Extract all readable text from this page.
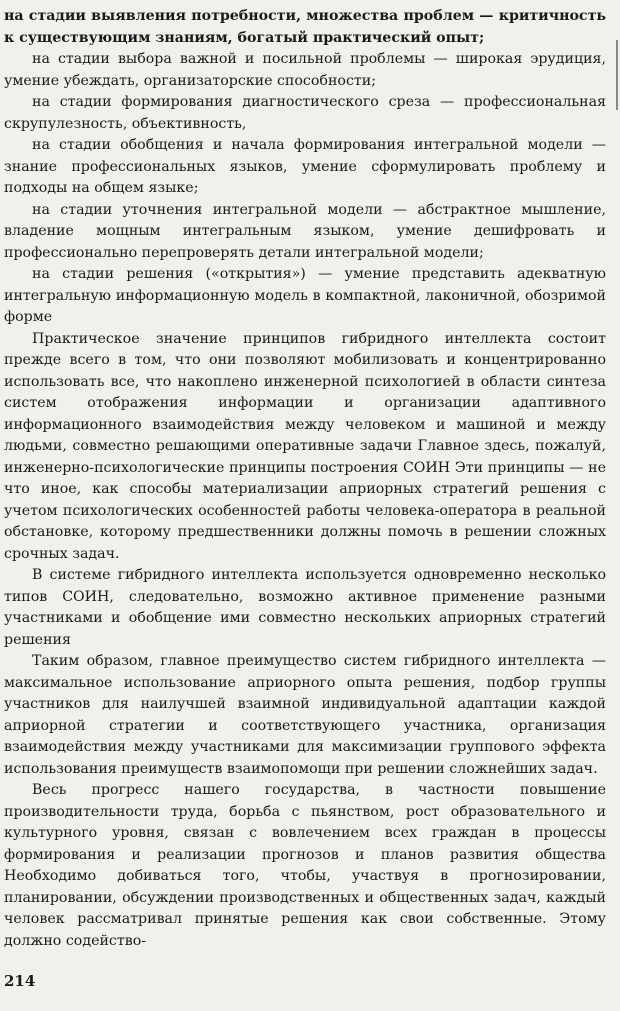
на стадии выявления потребности, множества проблем — критичность к существующим знаниям, богатый практический опыт;

на стадии выбора важной и посильной проблемы — широкая эрудиция, умение убеждать, организаторские способности;

на стадии формирования диагностического среза — профессиональная скрупулезность, объективность,

на стадии обобщения и начала формирования интегральной модели — знание профессиональных языков, умение сформулировать проблему и подходы на общем языке;

на стадии уточнения интегральной модели — абстрактное мышление, владение мощным интегральным языком, умение дешифровать и профессионально перепроверять детали интегральной модели;

на стадии решения («открытия») — умение представить адекватную интегральную информационную модель в компактной, лаконичной, обозримой форме

Практическое значение принципов гибридного интеллекта состоит прежде всего в том, что они позволяют мобилизовать и концентрированно использовать все, что накоплено инженерной психологией в области синтеза систем отображения информации и организации адаптивного информационного взаимодействия между человеком и машиной и между людьми, совместно решающими оперативные задачи Главное здесь, пожалуй, инженерно-психологические принципы построения СОИН Эти принципы — не что иное, как способы материализации априорных стратегий решения с учетом психологических особенностей работы человека-оператора в реальной обстановке, которому предшественники должны помочь в решении сложных срочных задач.

В системе гибридного интеллекта используется одновременно несколько типов СОИН, следовательно, возможно активное применение разными участниками и обобщение ими совместно нескольких априорных стратегий решения

Таким образом, главное преимущество систем гибридного интеллекта — максимальное использование априорного опыта решения, подбор группы участников для наилучшей взаимной индивидуальной адаптации каждой априорной стратегии и соответствующего участника, организация взаимодействия между участниками для максимизации группового эффекта использования преимуществ взаимопомощи при решении сложнейших задач.

Весь прогресс нашего государства, в частности повышение производительности труда, борьба с пьянством, рост образовательного и культурного уровня, связан с вовлечением всех граждан в процессы формирования и реализации прогнозов и планов развития общества Необходимо добиваться того, чтобы, участвуя в прогнозировании, планировании, обсуждении производственных и общественных задач, каждый человек рассматривал принятые решения как свои собственные. Этому должно содейство-

214
